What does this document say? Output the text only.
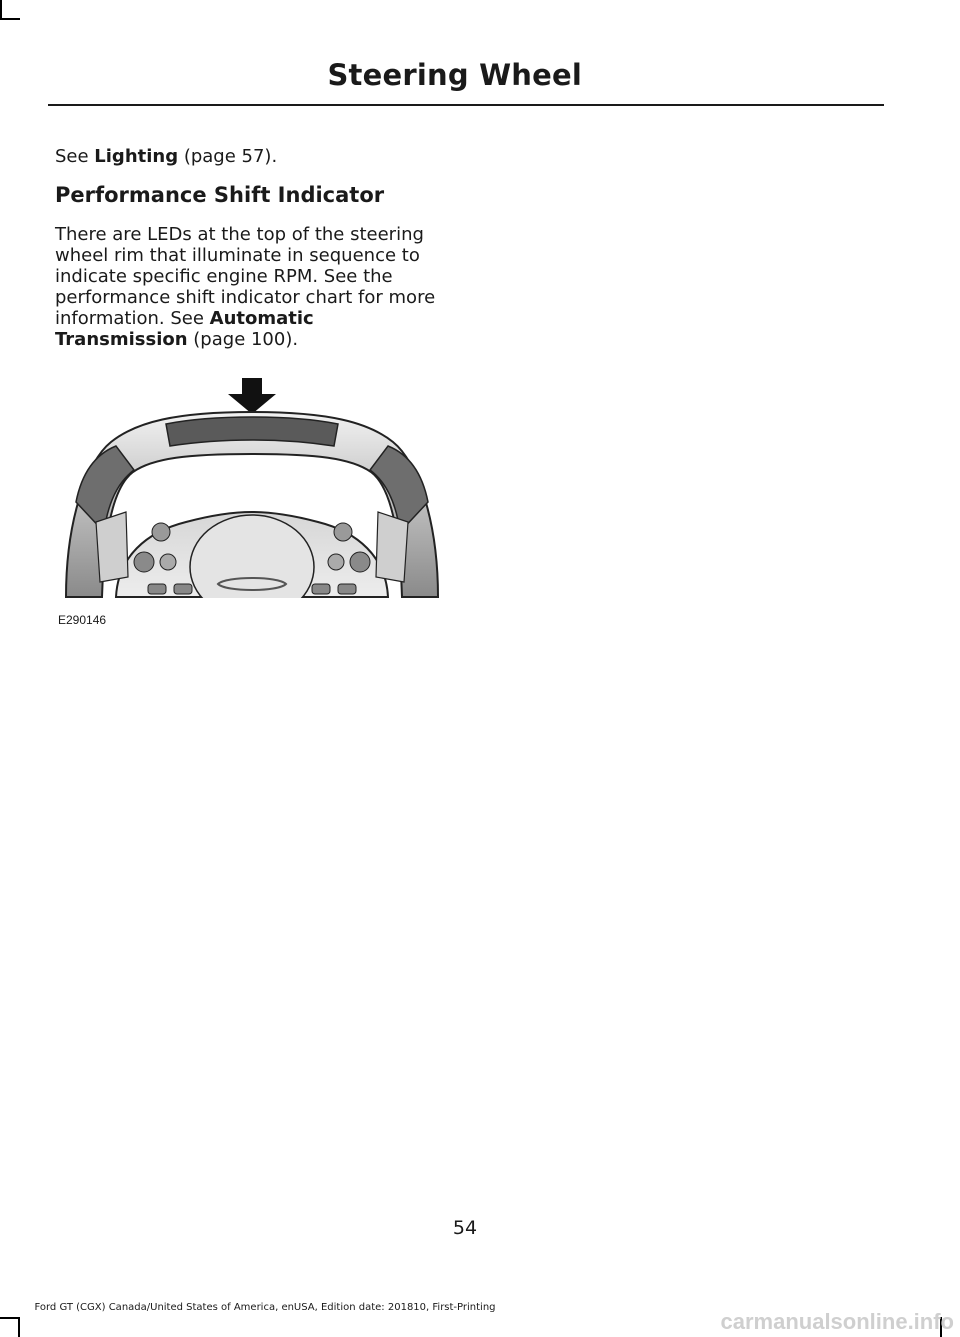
Steering Wheel
See Lighting (page 57).
Performance Shift Indicator
There are LEDs at the top of the steering
wheel rim that illuminate in sequence to
indicate specific engine RPM. See the
performance shift indicator chart for more
information. See Automatic
Transmission (page 100).
E290146
54
Ford GT (CGX) Canada/United States of America, enUSA, Edition date: 201810, First-Printing
carmanualsonline.info
